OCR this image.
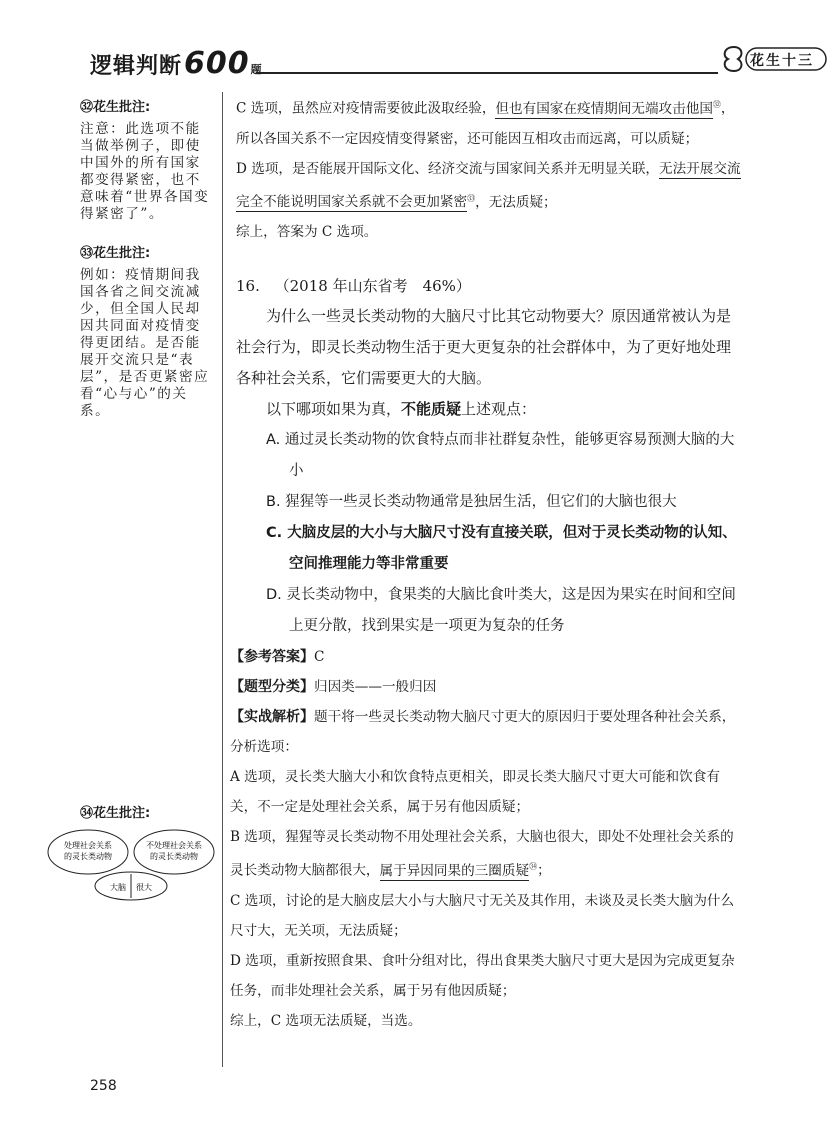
逻辑判断600题
花生十三
㉜花生批注:
注意：此选项不能当做举例子，即使中国外的所有国家都变得紧密，也不意味着“世界各国变得紧密了”。
㉝花生批注:
例如：疫情期间我国各省之间交流减少，但全国人民却因共同面对疫情变得更团结。是否能展开交流只是“表层”，是否更紧密应看“心与心”的关系。
㉞花生批注:
处理社会关系
的灵长类动物
不处理社会关系
的灵长类动物
大脑 很大

C 选项，虽然应对疫情需要彼此汲取经验，但也有国家在疫情期间无端攻击他国$^㉜$，所以各国关系不一定因疫情变得紧密，还可能因互相攻击而远离，可以质疑；

D 选项，是否能展开国际文化、经济交流与国家间关系并无明显关联，无法开展交流完全不能说明国家关系就不会更加紧密$^㉝$，无法质疑；

综上，答案为 C 选项。

16. （2018 年山东省考　46%）

为什么一些灵长类动物的大脑尺寸比其它动物要大？原因通常被认为是社会行为，即灵长类动物生活于更大更复杂的社会群体中，为了更好地处理各种社会关系，它们需要更大的大脑。

以下哪项如果为真，不能质疑上述观点：

A. 通过灵长类动物的饮食特点而非社群复杂性，能够更容易预测大脑的大小

B. 猩猩等一些灵长类动物通常是独居生活，但它们的大脑也很大

C. 大脑皮层的大小与大脑尺寸没有直接关联，但对于灵长类动物的认知、空间推理能力等非常重要

D. 灵长类动物中，食果类的大脑比食叶类大，这是因为果实在时间和空间上更分散，找到果实是一项更为复杂的任务

【参考答案】C

【题型分类】归因类——一般归因

【实战解析】题干将一些灵长类动物大脑尺寸更大的原因归于要处理各种社会关系，分析选项：

A 选项，灵长类大脑大小和饮食特点更相关，即灵长类大脑尺寸更大可能和饮食有关，不一定是处理社会关系，属于另有他因质疑；

B 选项，猩猩等灵长类动物不用处理社会关系，大脑也很大，即处不处理社会关系的灵长类动物大脑都很大，属于异因同果的三圈质疑$^㉞$；

C 选项，讨论的是大脑皮层大小与大脑尺寸无关及其作用，未谈及灵长类大脑为什么尺寸大，无关项，无法质疑；

D 选项，重新按照食果、食叶分组对比，得出食果类大脑尺寸更大是因为完成更复杂任务，而非处理社会关系，属于另有他因质疑；

综上，C 选项无法质疑，当选。

258
